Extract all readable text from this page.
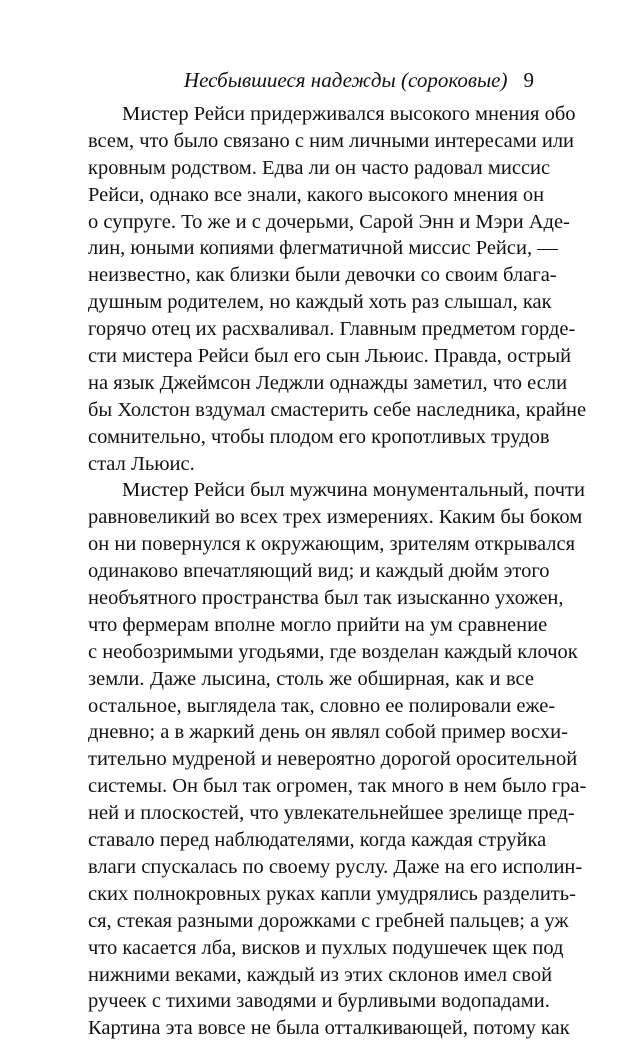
Несбывшиеся надежды (сороковые) 9
Мистер Рейси придерживался высокого мнения обо
всем, что было связано с ним личными интересами или
кровным родством. Едва ли он часто радовал миссис
Рейси, однако все знали, какого высокого мнения он
о супруге. То же и с дочерьми, Сарой Энн и Мэри Аде-
лин, юными копиями флегматичной миссис Рейси, —
неизвестно, как близки были девочки со своим блага-
душным родителем, но каждый хоть раз слышал, как
горячо отец их расхваливал. Главным предметом горде-
сти мистера Рейси был его сын Льюис. Правда, острый
на язык Джеймсон Леджли однажды заметил, что если
бы Холстон вздумал смастерить себе наследника, крайне
сомнительно, чтобы плодом его кропотливых трудов
стал Льюис.
Мистер Рейси был мужчина монументальный, почти
равновеликий во всех трех измерениях. Каким бы боком
он ни повернулся к окружающим, зрителям открывался
одинаково впечатляющий вид; и каждый дюйм этого
необъятного пространства был так изысканно ухожен,
что фермерам вполне могло прийти на ум сравнение
с необозримыми угодьями, где возделан каждый клочок
земли. Даже лысина, столь же обширная, как и все
остальное, выглядела так, словно ее полировали еже-
дневно; а в жаркий день он являл собой пример восхи-
тительно мудреной и невероятно дорогой оросительной
системы. Он был так огромен, так много в нем было гра-
ней и плоскостей, что увлекательнейшее зрелище пред-
ставало перед наблюдателями, когда каждая струйка
влаги спускалась по своему руслу. Даже на его исполин-
ских полнокровных руках капли умудрялись разделить-
ся, стекая разными дорожками с гребней пальцев; а уж
что касается лба, висков и пухлых подушечек щек под
нижними веками, каждый из этих склонов имел свой
ручеек с тихими заводями и бурливыми водопадами.
Картина эта вовсе не была отталкивающей, потому как
